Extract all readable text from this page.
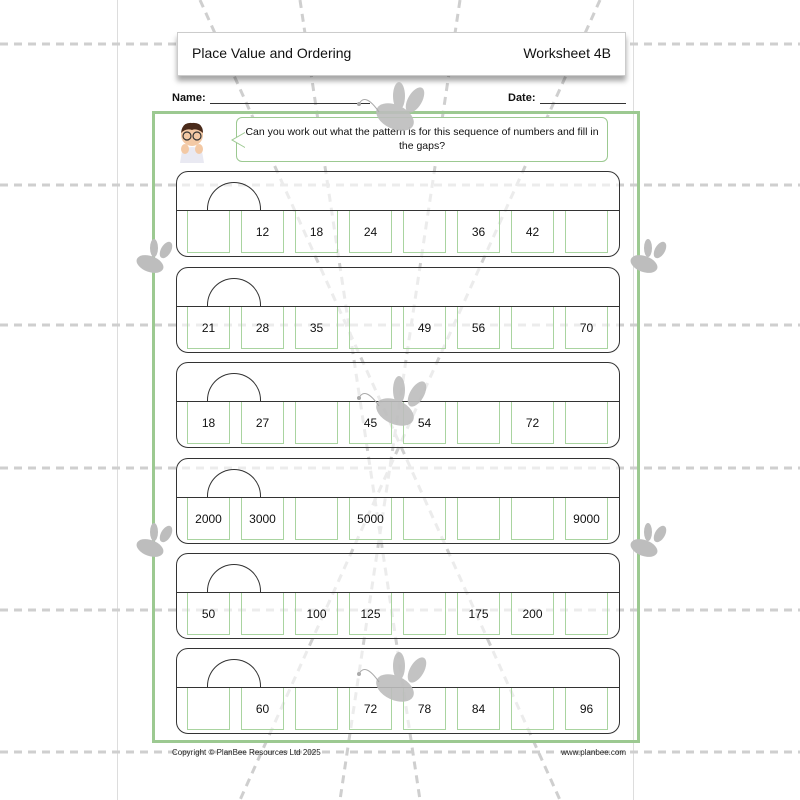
Place Value and Ordering	Worksheet 4B
Name:	Date:
Can you work out what the pattern is for this sequence of numbers and fill in the gaps?
12	18	24	36	42
21	28	35	49	56	70
18	27	45	54	72
2000	3000	5000	9000
50	100	125	175	200
60	72	78	84	96
Copyright © PlanBee Resources Ltd 2025	www.planbee.com
